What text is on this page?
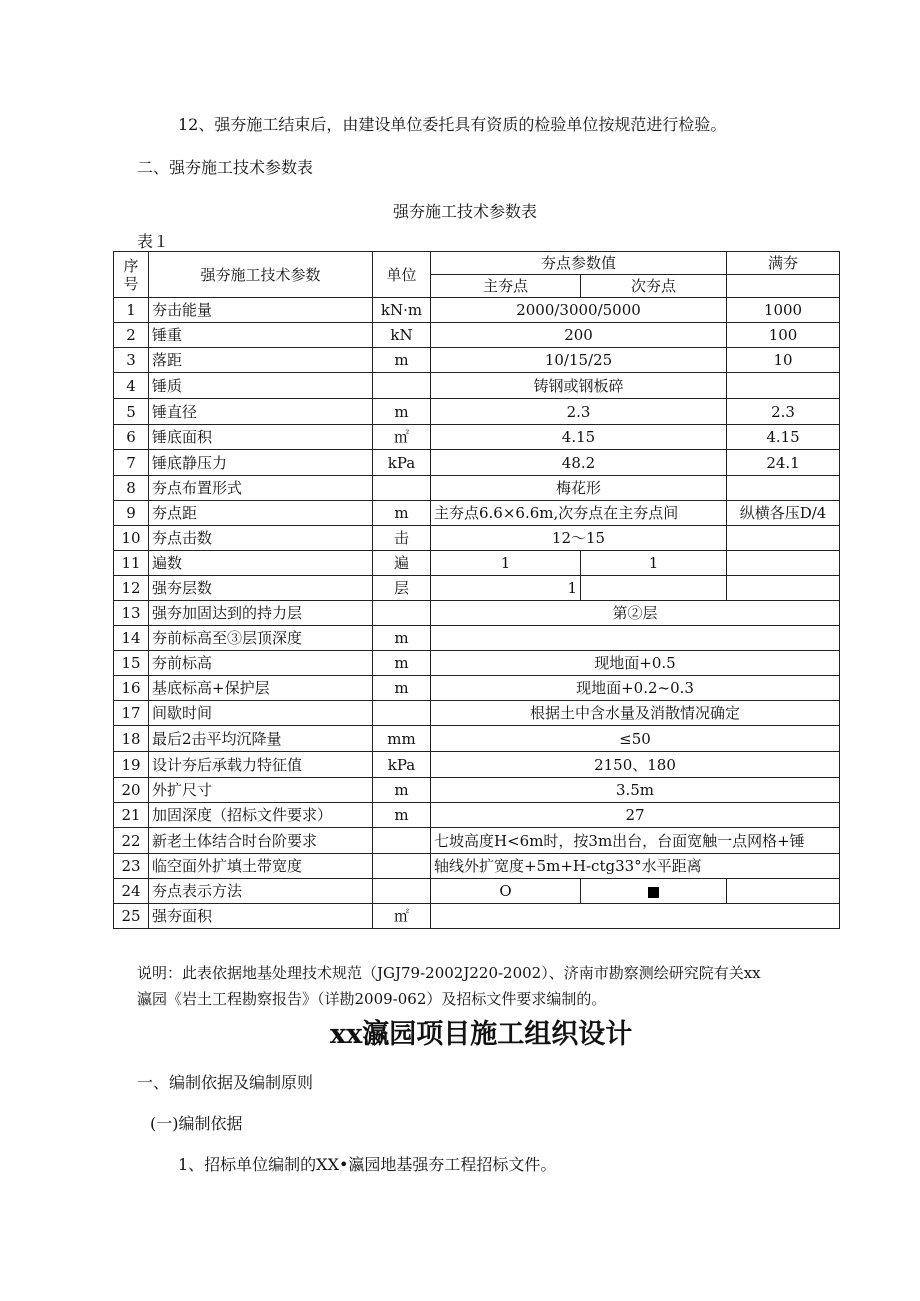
12、强夯施工结束后，由建设单位委托具有资质的检验单位按规范进行检验。
二、强夯施工技术参数表
强夯施工技术参数表
表１
序号	强夯施工技术参数	单位	夯点参数值		满夯
			主夯点	次夯点	
1	夯击能量	kN·m	2000/3000/5000		1000
2	锤重	kN	200		100
3	落距	m	10/15/25		10
4	锤质		铸钢或钢板碎		
5	锤直径	m	2.3		2.3
6	锤底面积	㎡	4.15		4.15
7	锤底静压力	kPa	48.2		24.1
8	夯点布置形式		梅花形		
9	夯点距	m	主夯点6.6×6.6m,次夯点在主夯点间		纵横各压D/4
10	夯点击数	击	12～15		
11	遍数	遍	1	1	
12	强夯层数	层	1		
13	强夯加固达到的持力层		第②层		
14	夯前标高至③层顶深度	m			
15	夯前标高	m	现地面+0.5		
16	基底标高+保护层	m	现地面+0.2~0.3		
17	间歇时间		根据土中含水量及消散情况确定		
18	最后2击平均沉降量	mm	≤50		
19	设计夯后承载力特征值	kPa	2150、180		
20	外扩尺寸	m	3.5m		
21	加固深度（招标文件要求）	m	27		
22	新老土体结合时台阶要求		七坡高度H<6m时，按3m出台，台面宽触一点网格+锤		
23	临空面外扩填土带宽度		轴线外扩宽度+5m+H-ctg33°水平距离		
24	夯点表示方法		O		
25	强夯面积	㎡			
说明：此表依据地基处理技术规范（JGJ79-2002J220-2002）、济南市勘察测绘研究院有关xx
瀛园《岩土工程勘察报告》（详勘2009-062）及招标文件要求编制的。
xx瀛园项目施工组织设计
一、编制依据及编制原则
(一)编制依据
1、招标单位编制的XX•瀛园地基强夯工程招标文件。
